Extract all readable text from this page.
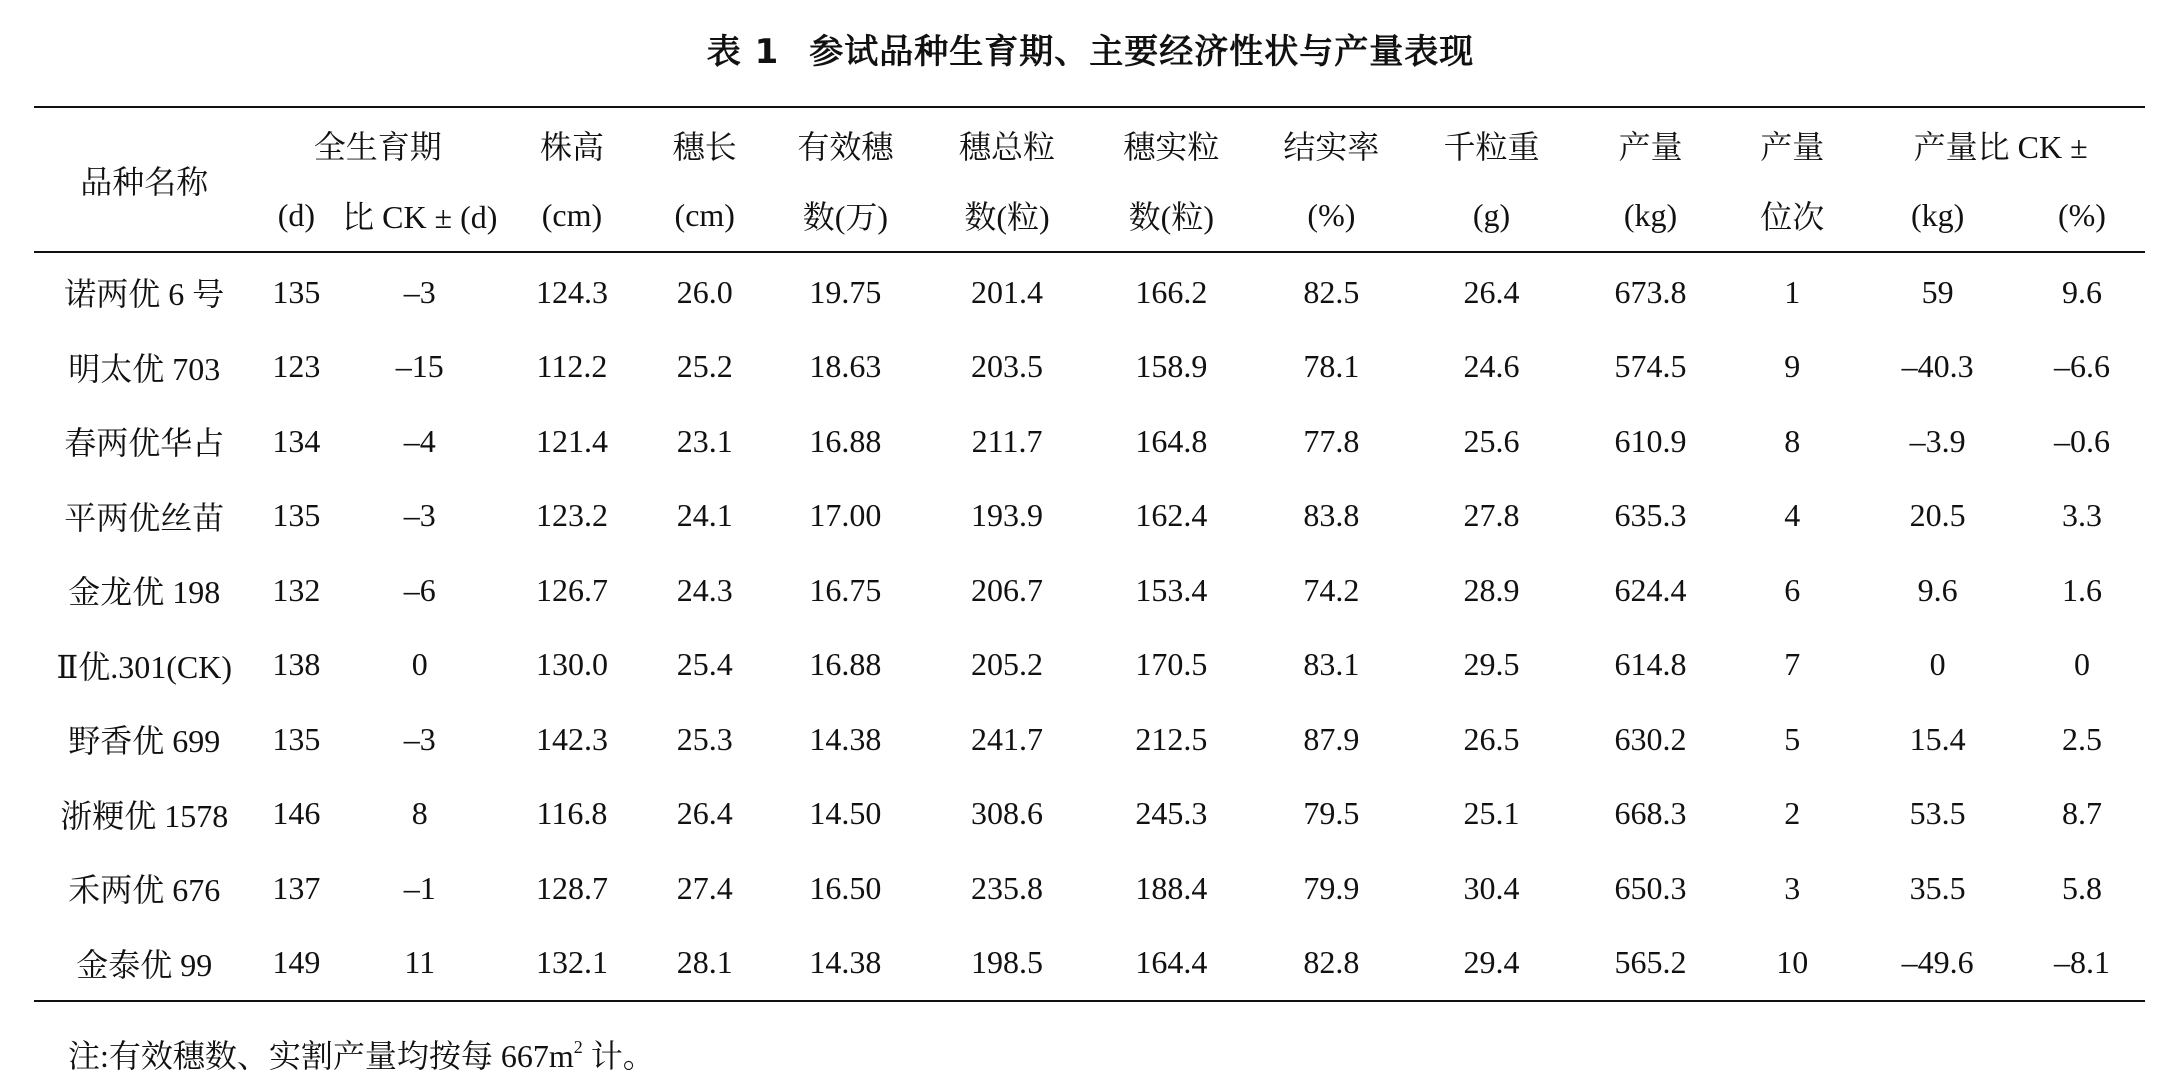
表 1 参试品种生育期、主要经济性状与产量表现
品种名称	全生育期		株高	穗长	有效穗	穗总粒	穗实粒	结实率	千粒重	产量	产量	产量比 CK ±	
	(d)	比 CK ± (d)	(cm)	(cm)	数(万)	数(粒)	数(粒)	(%)	(g)	(kg)	位次	(kg)	(%)
诺两优 6 号	135	–3	124.3	26.0	19.75	201.4	166.2	82.5	26.4	673.8	1	59	9.6
明太优 703	123	–15	112.2	25.2	18.63	203.5	158.9	78.1	24.6	574.5	9	–40.3	–6.6
春两优华占	134	–4	121.4	23.1	16.88	211.7	164.8	77.8	25.6	610.9	8	–3.9	–0.6
平两优丝苗	135	–3	123.2	24.1	17.00	193.9	162.4	83.8	27.8	635.3	4	20.5	3.3
金龙优 198	132	–6	126.7	24.3	16.75	206.7	153.4	74.2	28.9	624.4	6	9.6	1.6
Ⅱ优.301(CK)	138	0	130.0	25.4	16.88	205.2	170.5	83.1	29.5	614.8	7	0	0
野香优 699	135	–3	142.3	25.3	14.38	241.7	212.5	87.9	26.5	630.2	5	15.4	2.5
浙粳优 1578	146	8	116.8	26.4	14.50	308.6	245.3	79.5	25.1	668.3	2	53.5	8.7
禾两优 676	137	–1	128.7	27.4	16.50	235.8	188.4	79.9	30.4	650.3	3	35.5	5.8
金泰优 99	149	11	132.1	28.1	14.38	198.5	164.4	82.8	29.4	565.2	10	–49.6	–8.1
注:有效穗数、实割产量均按每 $667m^2$ 计。
